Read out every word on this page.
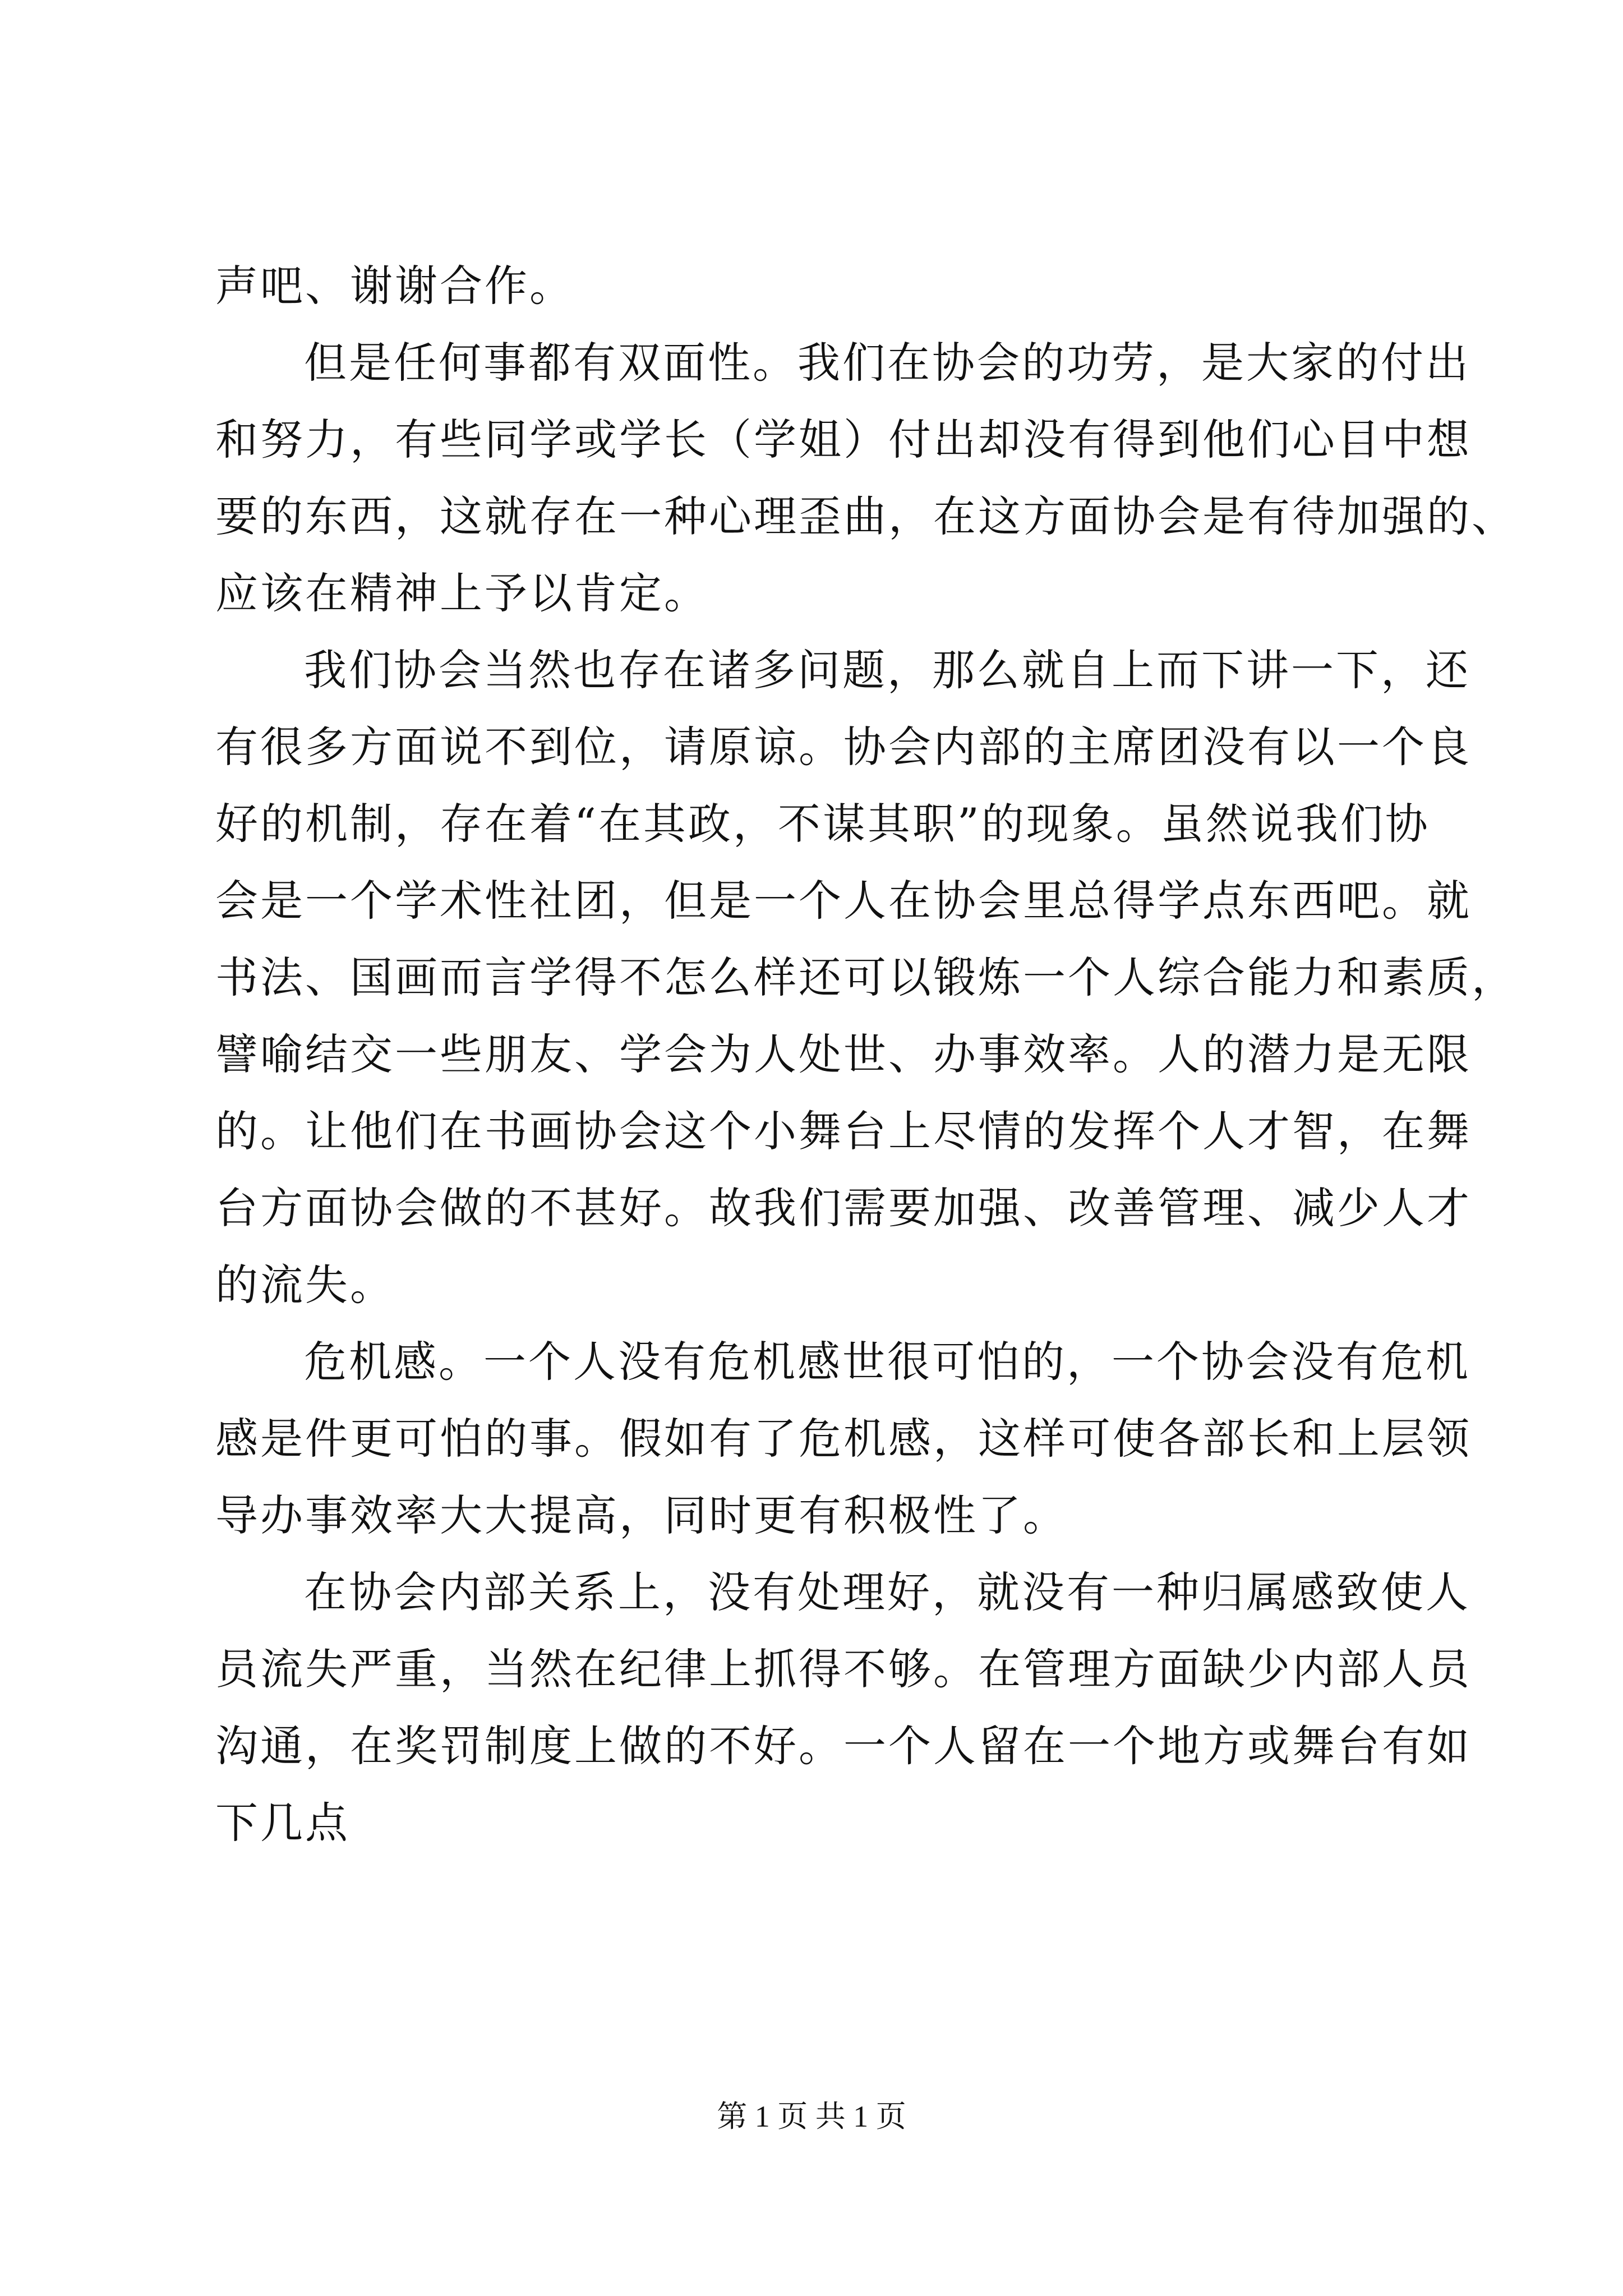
声吧、谢谢合作。
但是任何事都有双面性。我们在协会的功劳，是大家的付出
和努力，有些同学或学长（学姐）付出却没有得到他们心目中想
要的东西，这就存在一种心理歪曲，在这方面协会是有待加强的、
应该在精神上予以肯定。
我们协会当然也存在诸多问题，那么就自上而下讲一下，还
有很多方面说不到位，请原谅。协会内部的主席团没有以一个良
好的机制，存在着“在其政，不谋其职”的现象。虽然说我们协
会是一个学术性社团，但是一个人在协会里总得学点东西吧。就
书法、国画而言学得不怎么样还可以锻炼一个人综合能力和素质，
譬喻结交一些朋友、学会为人处世、办事效率。人的潜力是无限
的。让他们在书画协会这个小舞台上尽情的发挥个人才智，在舞
台方面协会做的不甚好。故我们需要加强、改善管理、减少人才
的流失。
危机感。一个人没有危机感世很可怕的，一个协会没有危机
感是件更可怕的事。假如有了危机感，这样可使各部长和上层领
导办事效率大大提高，同时更有积极性了。
在协会内部关系上，没有处理好，就没有一种归属感致使人
员流失严重，当然在纪律上抓得不够。在管理方面缺少内部人员
沟通，在奖罚制度上做的不好。一个人留在一个地方或舞台有如
下几点
第 1 页 共 1 页
